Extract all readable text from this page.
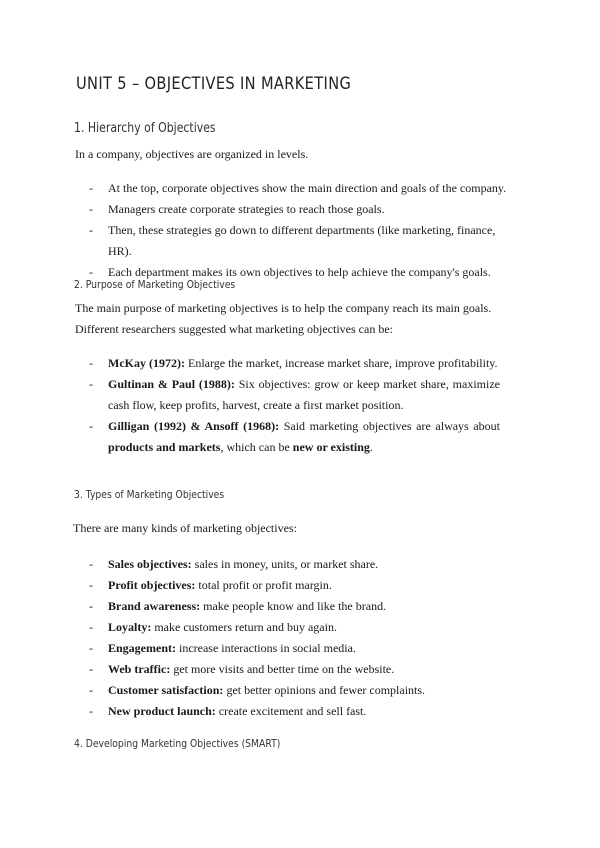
UNIT 5 – OBJECTIVES IN MARKETING
1. Hierarchy of Objectives

In a company, objectives are organized in levels.

- At the top, corporate objectives show the main direction and goals of the company.
- Managers create corporate strategies to reach those goals.
- Then, these strategies go down to different departments (like marketing, finance, HR).
- Each department makes its own objectives to help achieve the company's goals.
2. Purpose of Marketing Objectives

The main purpose of marketing objectives is to help the company reach its main goals.

Different researchers suggested what marketing objectives can be:

- McKay (1972): Enlarge the market, increase market share, improve profitability.
- Gultinan & Paul (1988): Six objectives: grow or keep market share, maximize cash flow, keep profits, harvest, create a first market position.
- Gilligan (1992) & Ansoff (1968): Said marketing objectives are always about products and markets, which can be new or existing.
3. Types of Marketing Objectives

There are many kinds of marketing objectives:

- Sales objectives: sales in money, units, or market share.
- Profit objectives: total profit or profit margin.
- Brand awareness: make people know and like the brand.
- Loyalty: make customers return and buy again.
- Engagement: increase interactions in social media.
- Web traffic: get more visits and better time on the website.
- Customer satisfaction: get better opinions and fewer complaints.
- New product launch: create excitement and sell fast.
4. Developing Marketing Objectives (SMART)
